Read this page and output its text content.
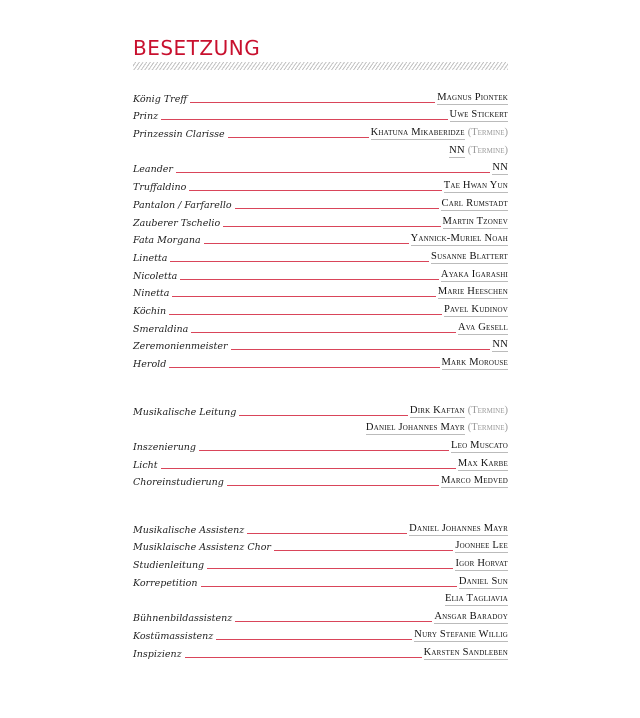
BESETZUNG
König Treff	Magnus Piontek
Prinz	Uwe Stickert
Prinzessin Clarisse	Khatuna Mikaberidze (Termine)
NN (Termine)
Leander	NN
Truffaldino	Tae Hwan Yun
Pantalon / Farfarello	Carl Rumstadt
Zauberer Tschelio	Martin Tzonev
Fata Morgana	Yannick-Muriel Noah
Linetta	Susanne Blattert
Nicoletta	Ayaka Igarashi
Ninetta	Marie Heeschen
Köchin	Pavel Kudinov
Smeraldina	Ava Gesell
Zeremonienmeister	NN
Herold	Mark Morouse
Musikalische Leitung	Dirk Kaftan (Termine)
Daniel Johannes Mayr (Termine)
Inszenierung	Leo Muscato
Licht	Max Karbe
Choreinstudierung	Marco Medved
Musikalische Assistenz	Daniel Johannes Mayr
Musiklaische Assistenz Chor	Joonhee Lee
Studienleitung	Igor Horvat
Korrepetition	Daniel Sun
Elia Tagliavia
Bühnenbildassistenz	Ansgar Baradoy
Kostümassistenz	Nury Stefanie Willig
Inspizienz	Karsten Sandleben
